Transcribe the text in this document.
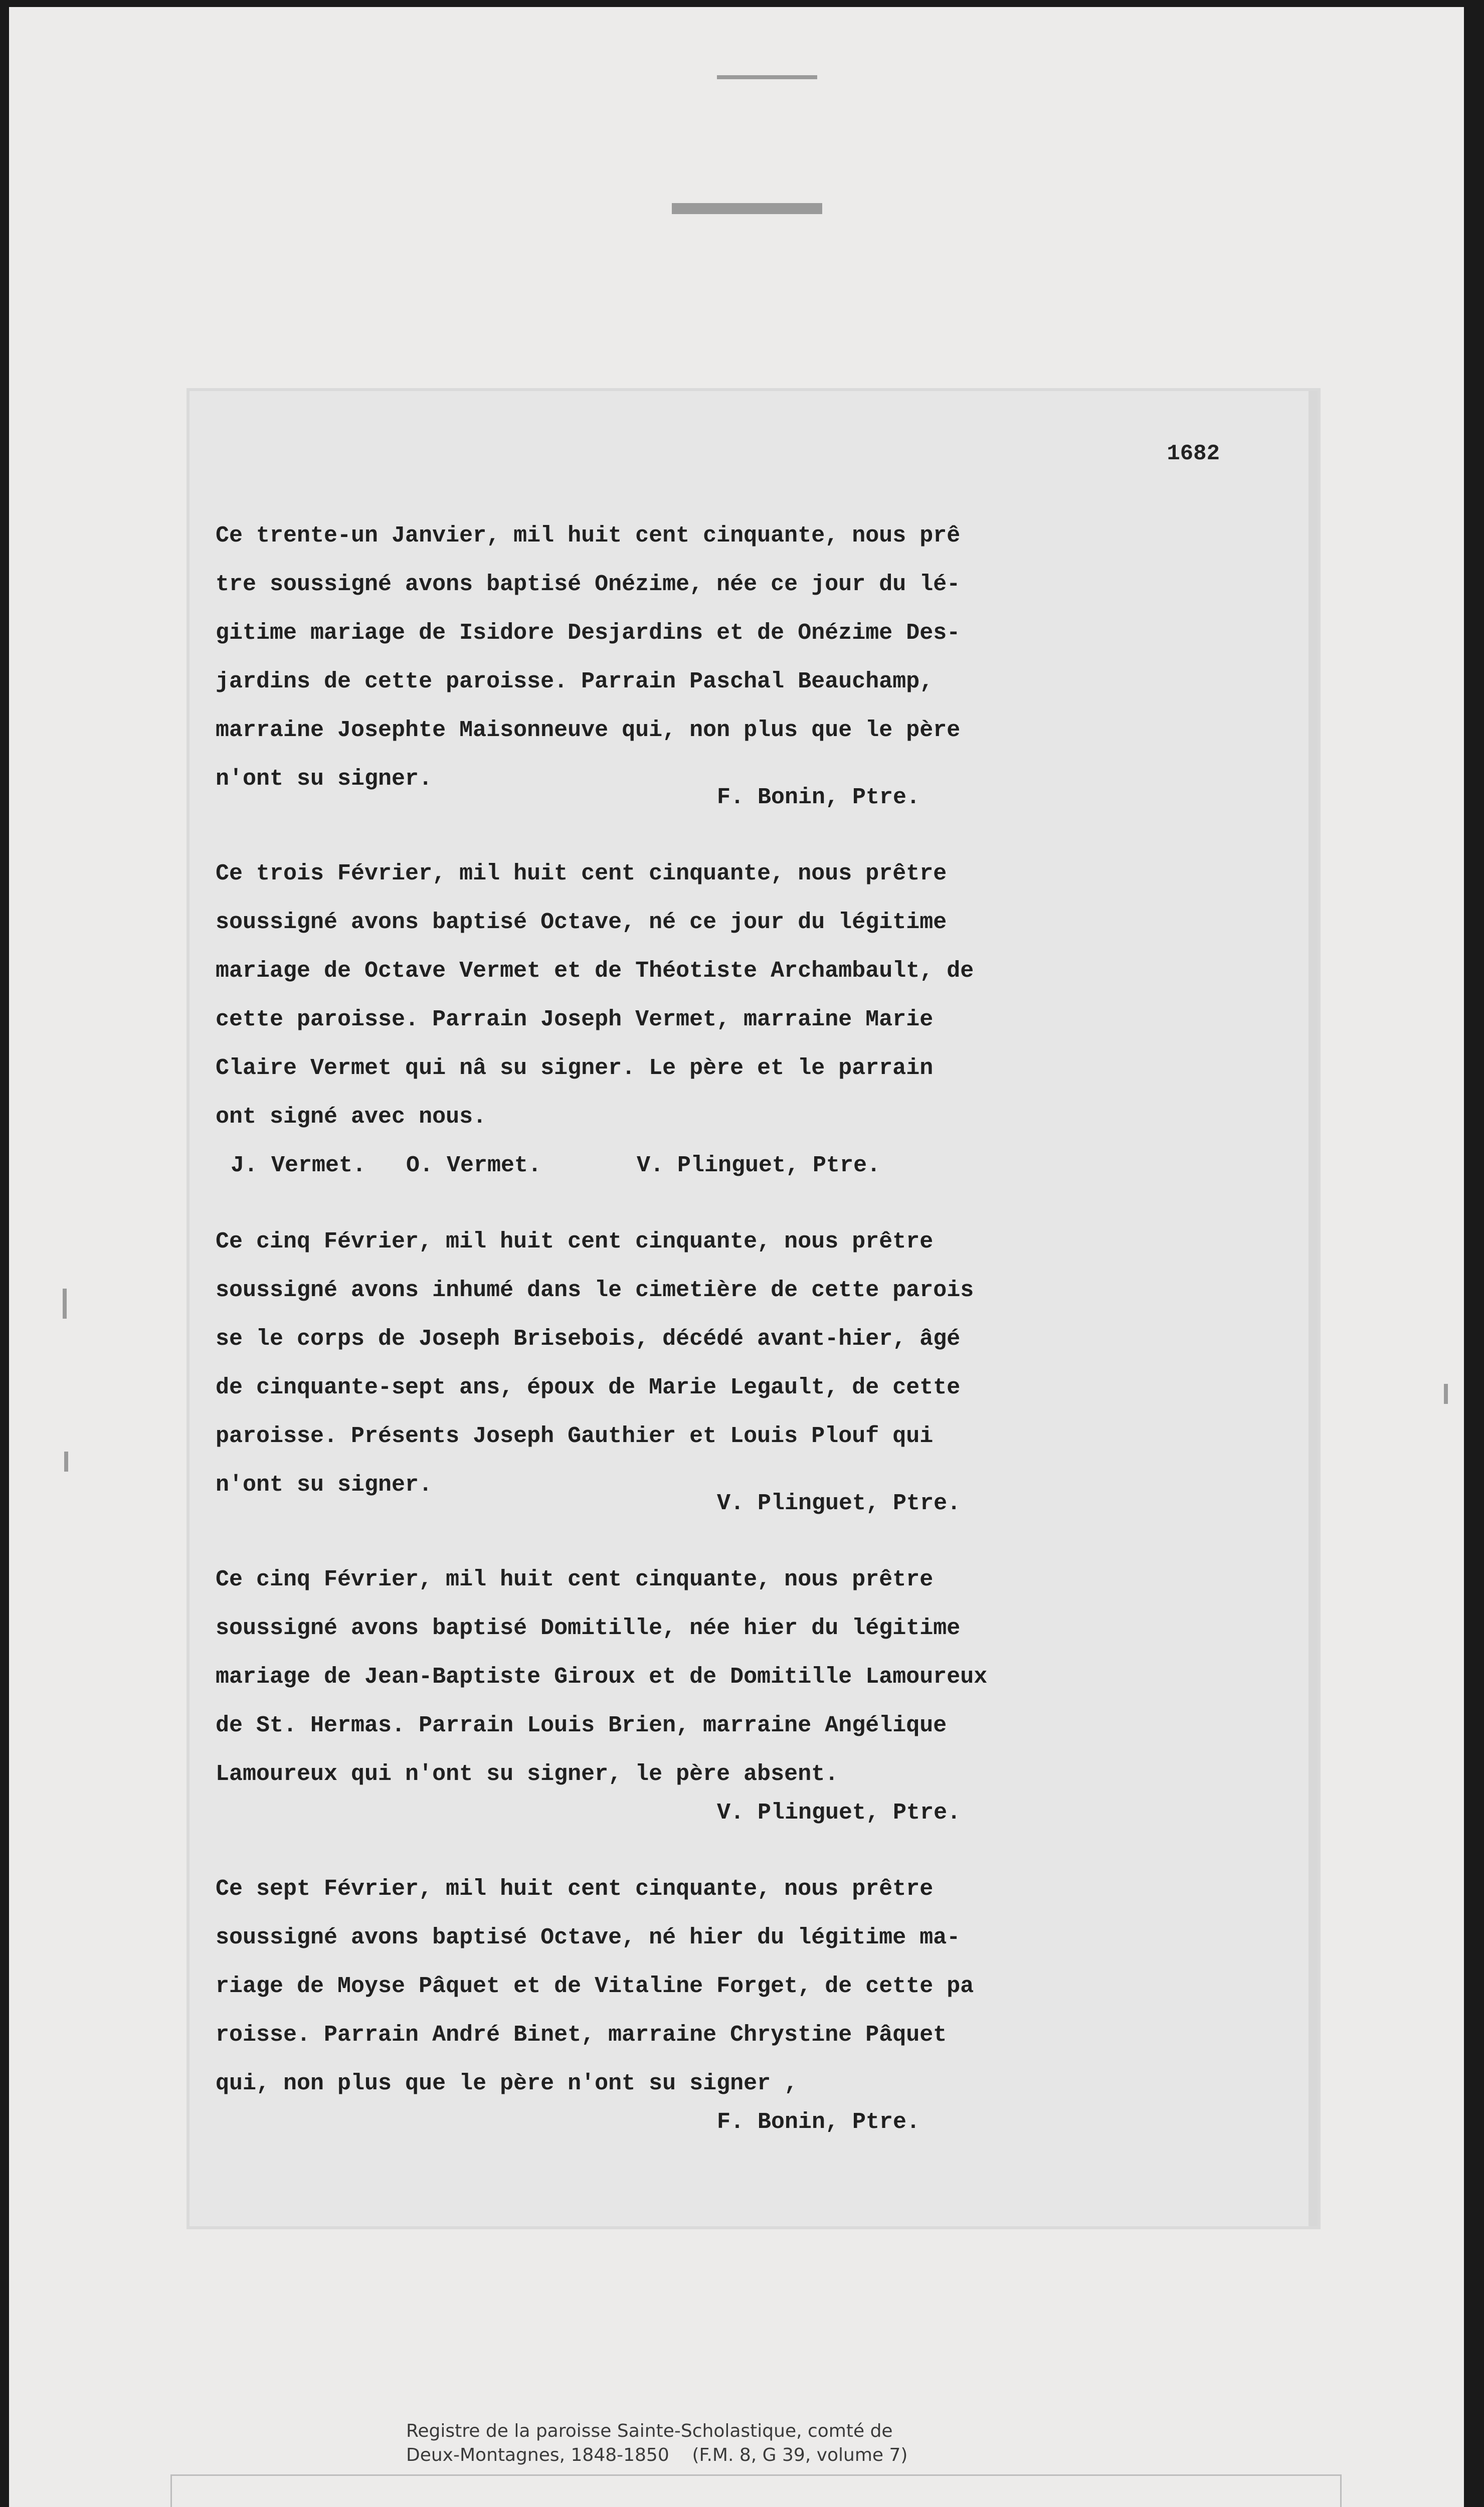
1682
Ce trente-un Janvier, mil huit cent cinquante, nous prê
tre soussigné avons baptisé Onézime, née ce jour du lé-
gitime mariage de Isidore Desjardins et de Onézime Des-
jardins de cette paroisse. Parrain Paschal Beauchamp,
marraine Josephte Maisonneuve qui, non plus que le père
n'ont su signer.
F. Bonin, Ptre.
Ce trois Février, mil huit cent cinquante, nous prêtre
soussigné avons baptisé Octave, né ce jour du légitime
mariage de Octave Vermet et de Théotiste Archambault, de
cette paroisse. Parrain Joseph Vermet, marraine Marie
Claire Vermet qui nâ su signer. Le père et le parrain
ont signé avec nous.
J. Vermet.	O. Vermet.	V. Plinguet, Ptre.
Ce cinq Février, mil huit cent cinquante, nous prêtre
soussigné avons inhumé dans le cimetière de cette parois
se le corps de Joseph Brisebois, décédé avant-hier, âgé
de cinquante-sept ans, époux de Marie Legault, de cette
paroisse. Présents Joseph Gauthier et Louis Plouf qui
n'ont su signer.
V. Plinguet, Ptre.
Ce cinq Février, mil huit cent cinquante, nous prêtre
soussigné avons baptisé Domitille, née hier du légitime
mariage de Jean-Baptiste Giroux et de Domitille Lamoureux
de St. Hermas. Parrain Louis Brien, marraine Angélique
Lamoureux qui n'ont su signer, le père absent.
V. Plinguet, Ptre.
Ce sept Février, mil huit cent cinquante, nous prêtre
soussigné avons baptisé Octave, né hier du légitime ma-
riage de Moyse Pâquet et de Vitaline Forget, de cette pa
roisse. Parrain André Binet, marraine Chrystine Pâquet
qui, non plus que le père n'ont su signer ,
F. Bonin, Ptre.
Registre de la paroisse Sainte-Scholastique, comté de
Deux-Montagnes, 1848-1850    (F.M. 8, G 39, volume 7)
